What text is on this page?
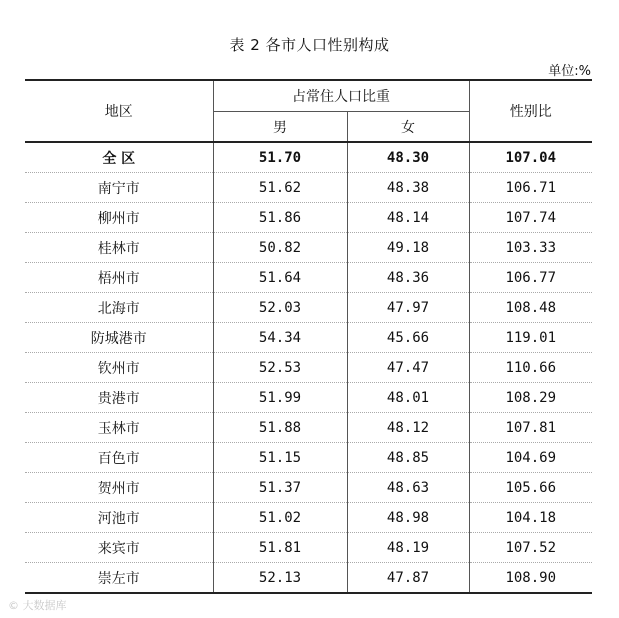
表 2 各市人口性别构成
单位:%
地区	占常住人口比重		性别比
	男	女	
全 区	51.70	48.30	107.04
南宁市	51.62	48.38	106.71
柳州市	51.86	48.14	107.74
桂林市	50.82	49.18	103.33
梧州市	51.64	48.36	106.77
北海市	52.03	47.97	108.48
防城港市	54.34	45.66	119.01
钦州市	52.53	47.47	110.66
贵港市	51.99	48.01	108.29
玉林市	51.88	48.12	107.81
百色市	51.15	48.85	104.69
贺州市	51.37	48.63	105.66
河池市	51.02	48.98	104.18
来宾市	51.81	48.19	107.52
崇左市	52.13	47.87	108.90
© 大数据库
